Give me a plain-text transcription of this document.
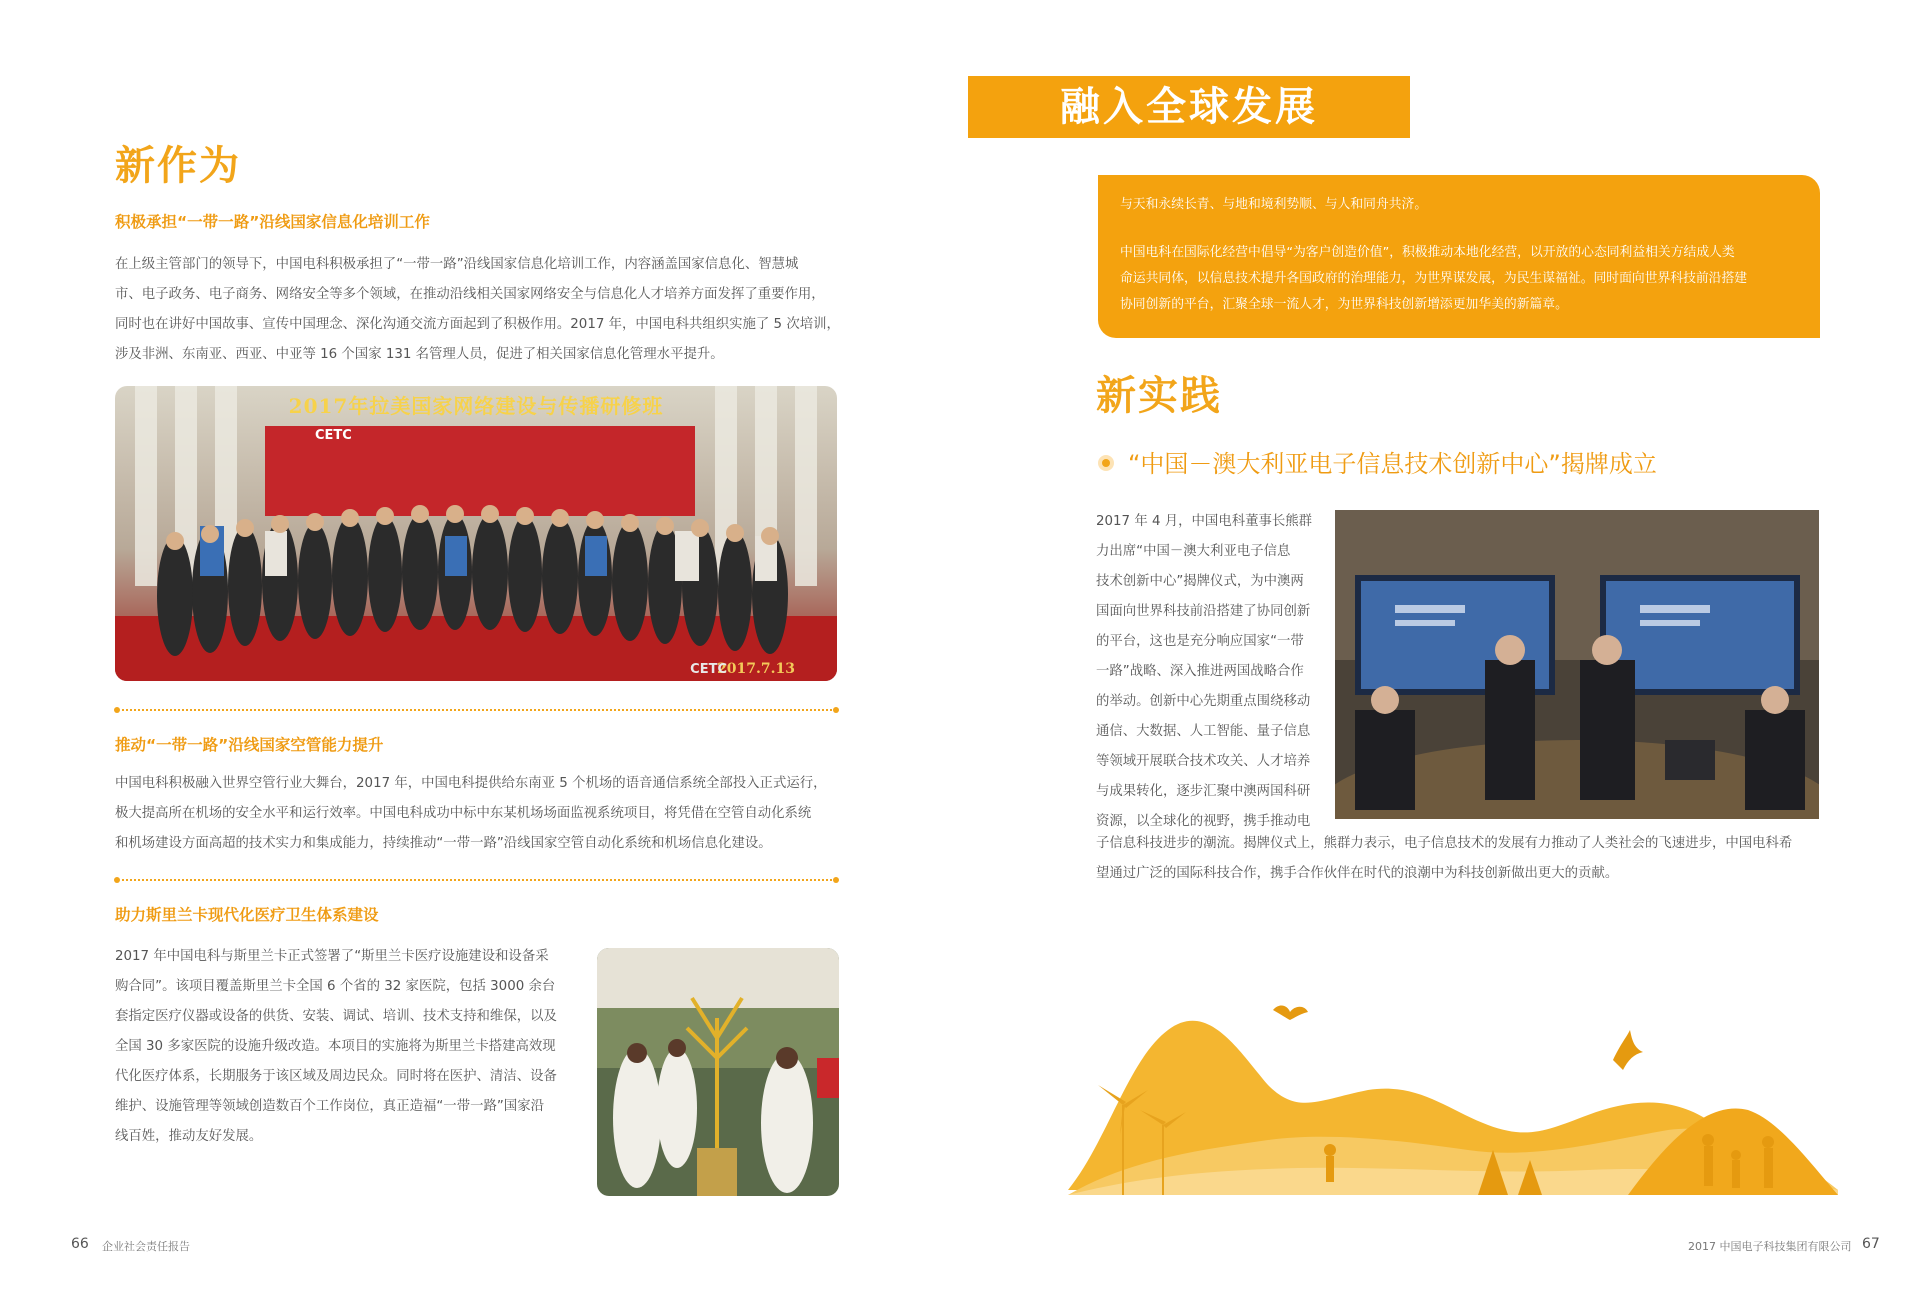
新作为
积极承担“一带一路”沿线国家信息化培训工作
在上级主管部门的领导下，中国电科积极承担了“一带一路”沿线国家信息化培训工作，内容涵盖国家信息化、智慧城
市、电子政务、电子商务、网络安全等多个领域，在推动沿线相关国家网络安全与信息化人才培养方面发挥了重要作用，
同时也在讲好中国故事、宣传中国理念、深化沟通交流方面起到了积极作用。2017 年，中国电科共组织实施了 5 次培训，
涉及非洲、东南亚、西亚、中亚等 16 个国家 131 名管理人员，促进了相关国家信息化管理水平提升。
2017年拉美国家网络建设与传播研修班
CETC
2017.7.13
CETC
推动“一带一路”沿线国家空管能力提升
中国电科积极融入世界空管行业大舞台，2017 年，中国电科提供给东南亚 5 个机场的语音通信系统全部投入正式运行，
极大提高所在机场的安全水平和运行效率。中国电科成功中标中东某机场场面监视系统项目，将凭借在空管自动化系统
和机场建设方面高超的技术实力和集成能力，持续推动“一带一路”沿线国家空管自动化系统和机场信息化建设。
助力斯里兰卡现代化医疗卫生体系建设
2017 年中国电科与斯里兰卡正式签署了“斯里兰卡医疗设施建设和设备采
购合同”。该项目覆盖斯里兰卡全国 6 个省的 32 家医院，包括 3000 余台
套指定医疗仪器或设备的供货、安装、调试、培训、技术支持和维保，以及
全国 30 多家医院的设施升级改造。本项目的实施将为斯里兰卡搭建高效现
代化医疗体系，长期服务于该区域及周边民众。同时将在医护、清洁、设备
维护、设施管理等领域创造数百个工作岗位，真正造福“一带一路”国家沿
线百姓，推动友好发展。
66 企业社会责任报告
融入全球发展
与天和永续长青、与地和境利势顺、与人和同舟共济。
中国电科在国际化经营中倡导“为客户创造价值”，积极推动本地化经营，以开放的心态同利益相关方结成人类
命运共同体，以信息技术提升各国政府的治理能力，为世界谋发展，为民生谋福祉。同时面向世界科技前沿搭建
协同创新的平台，汇聚全球一流人才，为世界科技创新增添更加华美的新篇章。
新实践
“中国－澳大利亚电子信息技术创新中心”揭牌成立
2017 年 4 月，中国电科董事长熊群
力出席“中国－澳大利亚电子信息
技术创新中心”揭牌仪式，为中澳两
国面向世界科技前沿搭建了协同创新
的平台，这也是充分响应国家“一带
一路”战略、深入推进两国战略合作
的举动。创新中心先期重点围绕移动
通信、大数据、人工智能、量子信息
等领域开展联合技术攻关、人才培养
与成果转化，逐步汇聚中澳两国科研
资源，以全球化的视野，携手推动电
子信息科技进步的潮流。揭牌仪式上，熊群力表示，电子信息技术的发展有力推动了人类社会的飞速进步，中国电科希
望通过广泛的国际科技合作，携手合作伙伴在时代的浪潮中为科技创新做出更大的贡献。
2017 中国电子科技集团有限公司 67
